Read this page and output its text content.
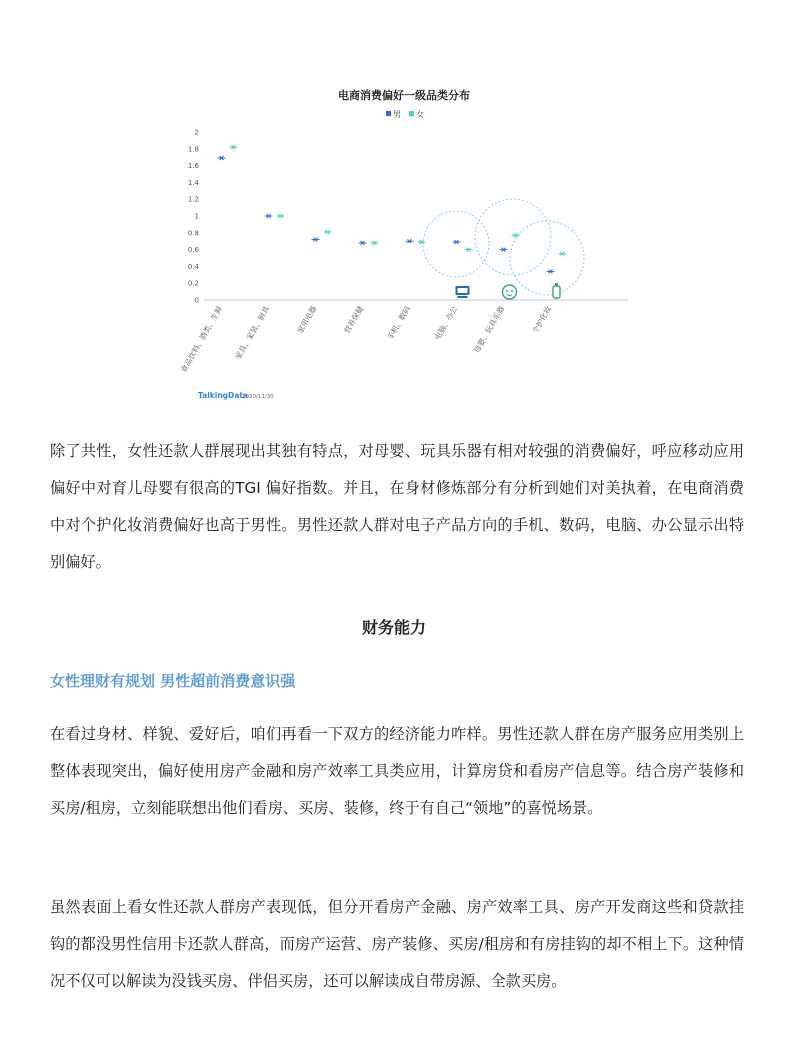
电商消费偏好一级品类分布
男 女
0
0.2
0.4
0.6
0.8
1
1.2
1.4
1.6
1.8
2
食品饮料、酒类、生鲜 家具、家装、厨具	家用电器	营养保健	手机、数码	电脑、办公 母婴、玩具乐器	个护化妆
TalkingData
2020/11/30

除了共性，女性还款人群展现出其独有特点，对母婴、玩具乐器有相对较强的消费偏好，呼应移动应用偏好中对育儿母婴有很高的TGI 偏好指数。并且，在身材修炼部分有分析到她们对美执着，在电商消费中对个护化妆消费偏好也高于男性。男性还款人群对电子产品方向的手机、数码，电脑、办公显示出特别偏好。

财务能力
女性理财有规划 男性超前消费意识强

在看过身材、样貌、爱好后，咱们再看一下双方的经济能力咋样。男性还款人群在房产服务应用类别上整体表现突出，偏好使用房产金融和房产效率工具类应用，计算房贷和看房产信息等。结合房产装修和买房/租房，立刻能联想出他们看房、买房、装修，终于有自己“领地”的喜悦场景。

虽然表面上看女性还款人群房产表现低，但分开看房产金融、房产效率工具、房产开发商这些和贷款挂钩的都没男性信用卡还款人群高，而房产运营、房产装修、买房/租房和有房挂钩的却不相上下。这种情况不仅可以解读为没钱买房、伴侣买房，还可以解读成自带房源、全款买房。
